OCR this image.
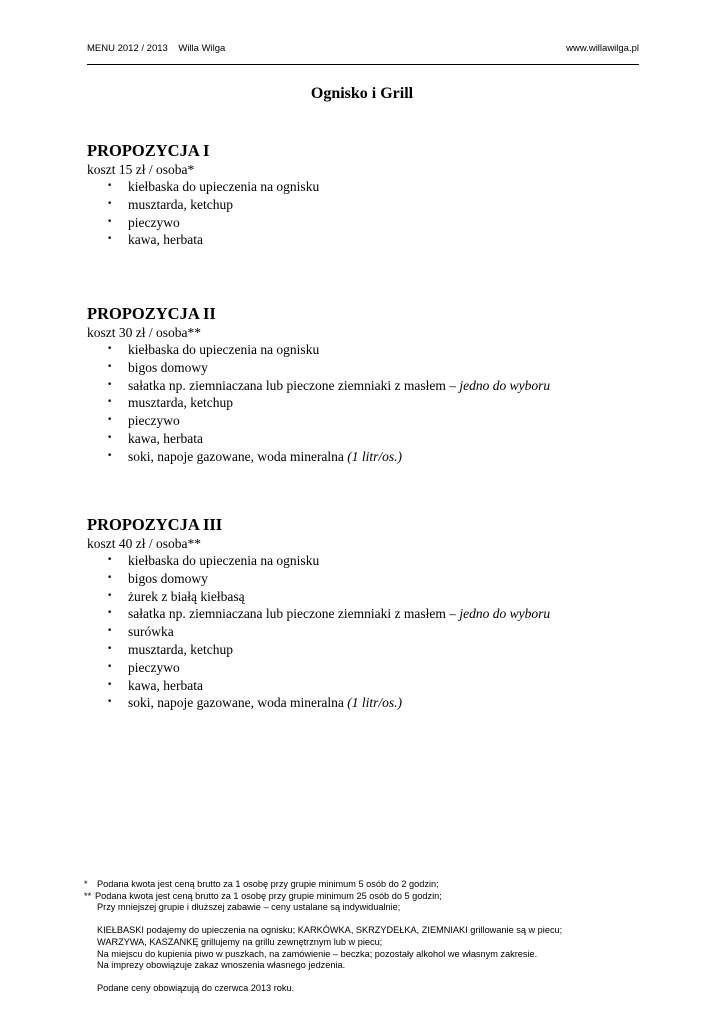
MENU 2012 / 2013    Willa Wilga	www.willawilga.pl
Ognisko i Grill
PROPOZYCJA I
koszt 15 zł / osoba*
• kiełbaska do upieczenia na ognisku
• musztarda, ketchup
• pieczywo
• kawa, herbata
PROPOZYCJA II
koszt 30 zł / osoba**
• kiełbaska do upieczenia na ognisku
• bigos domowy
• sałatka np. ziemniaczana lub pieczone ziemniaki z masłem – jedno do wyboru
• musztarda, ketchup
• pieczywo
• kawa, herbata
• soki, napoje gazowane, woda mineralna (1 litr/os.)
PROPOZYCJA III
koszt 40 zł / osoba**
• kiełbaska do upieczenia na ognisku
• bigos domowy
• żurek z białą kiełbasą
• sałatka np. ziemniaczana lub pieczone ziemniaki z masłem – jedno do wyboru
• surówka
• musztarda, ketchup
• pieczywo
• kawa, herbata
• soki, napoje gazowane, woda mineralna (1 litr/os.)
*	Podana kwota jest ceną brutto za 1 osobę przy grupie minimum 5 osób do 2 godzin;
** Podana kwota jest ceną brutto za 1 osobę przy grupie minimum 25 osób do 5 godzin;
Przy mniejszej grupie i dłuższej zabawie – ceny ustalane są indywidualnie;
KIEŁBASKI podajemy do upieczenia na ognisku; KARKÓWKA, SKRZYDEŁKA, ZIEMNIAKI grillowanie są w piecu;
WARZYWA, KASZANKĘ grillujemy na grillu zewnętrznym lub w piecu;
Na miejscu do kupienia piwo w puszkach, na zamówienie – beczka; pozostały alkohol we własnym zakresie.
Na imprezy obowiązuje zakaz wnoszenia własnego jedzenia.
Podane ceny obowiązują do czerwca 2013 roku.
